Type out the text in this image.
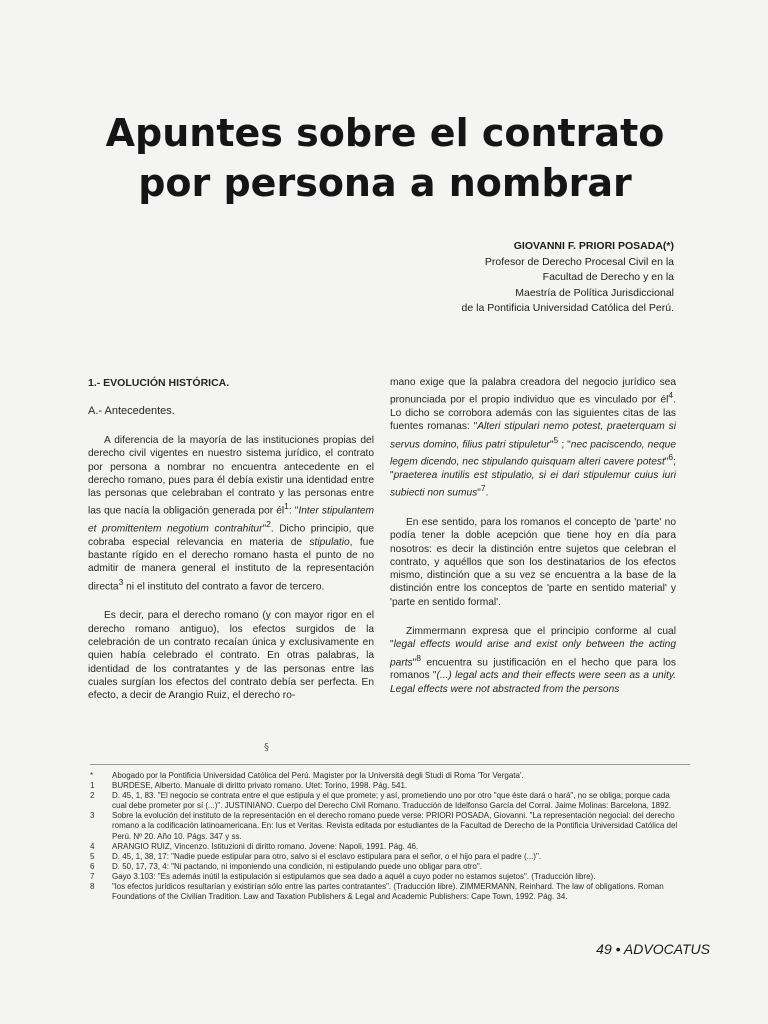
Apuntes sobre el contrato
por persona a nombrar
GIOVANNI F. PRIORI POSADA(*)
Profesor de Derecho Procesal Civil en la
Facultad de Derecho y en la
Maestría de Política Jurisdiccional
de la Pontificia Universidad Católica del Perú.
1.- EVOLUCIÓN HISTÓRICA.
A.- Antecedentes.

A diferencia de la mayoría de las instituciones propias del derecho civil vigentes en nuestro sistema jurídico, el contrato por persona a nombrar no encuentra antecedente en el derecho romano, pues para él debía existir una identidad entre las personas que celebraban el contrato y las personas entre las que nacía la obligación generada por $él^1$: "Inter stipulantem et promittentem negotium contrahitur"$^2$. Dicho principio, que cobraba especial relevancia en materia de stipulatio, fue bastante rígido en el derecho romano hasta el punto de no admitir de manera general el instituto de la representación directa$^3$ ni el instituto del contrato a favor de tercero.

Es decir, para el derecho romano (y con mayor rigor en el derecho romano antiguo), los efectos surgidos de la celebración de un contrato recaían única y exclusivamente en quien había celebrado el contrato. En otras palabras, la identidad de los contratantes y de las personas entre las cuales surgían los efectos del contrato debía ser perfecta. En efecto, a decir de Arangio Ruiz, el derecho ro-

mano exige que la palabra creadora del negocio jurídico sea pronunciada por el propio individuo que es vinculado por $él^4$. Lo dicho se corrobora además con las siguientes citas de las fuentes romanas: "Alteri stipulari nemo potest, praeterquam si servus domino, filius patri stipuletur"$^5$ ; "nec paciscendo, neque legem dicendo, nec stipulando quisquam alteri cavere potest"$^6$; "praeterea inutilis est stipulatio, si ei dari stipulemur cuius iuri subiecti non sumus"$^7$.

En ese sentido, para los romanos el concepto de 'parte' no podía tener la doble acepción que tiene hoy en día para nosotros: es decir la distinción entre sujetos que celebran el contrato, y aquéllos que son los destinatarios de los efectos mismo, distinción que a su vez se encuentra a la base de la distinción entre los conceptos de 'parte en sentido material' y 'parte en sentido formal'.

Zimmermann expresa que el principio conforme al cual "legal effects would arise and exist only between the acting parts"$^8$ encuentra su justificación en el hecho que para los romanos "(...) legal acts and their effects were seen as a unity. Legal effects were not abstracted from the persons

§
*	Abogado por la Pontificia Universidad Católica del Perú. Magister por la Università degli Studi di Roma 'Tor Vergata'.
1	BURDESE, Alberto. Manuale di diritto privato romano. Utet: Torino, 1998. Pág. 541.
2	D. 45, 1, 83. "El negocio se contrata entre el que estipula y el que promete; y así, prometiendo uno por otro "que éste dará o hará", no se obliga; porque cada cual debe prometer por sí (...)". JUSTINIANO. Cuerpo del Derecho Civil Romano. Traducción de Idelfonso García del Corral. Jaime Molinas: Barcelona, 1892.
3	Sobre la evolución del instituto de la representación en el derecho romano puede verse: PRIORI POSADA, Giovanni. "La representación negocial: del derecho romano a la codificación latinoamericana. En: Ius et Veritas. Revista editada por estudiantes de la Facultad de Derecho de la Pontificia Universidad Católica del Perú. Nº 20. Año 10. Págs. 347 y ss.
4	ARANGIO RUIZ, Vincenzo. Istituzioni di diritto romano. Jovene: Napoli, 1991. Pág. 46.
5	D. 45, 1, 38, 17: "Nadie puede estipular para otro, salvo si el esclavo estipulara para el señor, o el hijo para el padre (...)".
6	D. 50, 17, 73, 4: "Ni pactando, ni imponiendo una condición, ni estipulando puede uno obligar para otro".
7	Gayo 3.103: "Es además inútil la estipulación si estipulamos que sea dado a aquél a cuyo poder no estamos sujetos". (Traducción libre).
8	"los efectos jurídicos resultarían y existirían sólo entre las partes contratantes". (Traducción libre). ZIMMERMANN, Reinhard. The law of obligations. Roman Foundations of the Civilian Tradition. Law and Taxation Publishers & Legal and Academic Publishers: Cape Town, 1992. Pág. 34.
49 • ADVOCATUS
